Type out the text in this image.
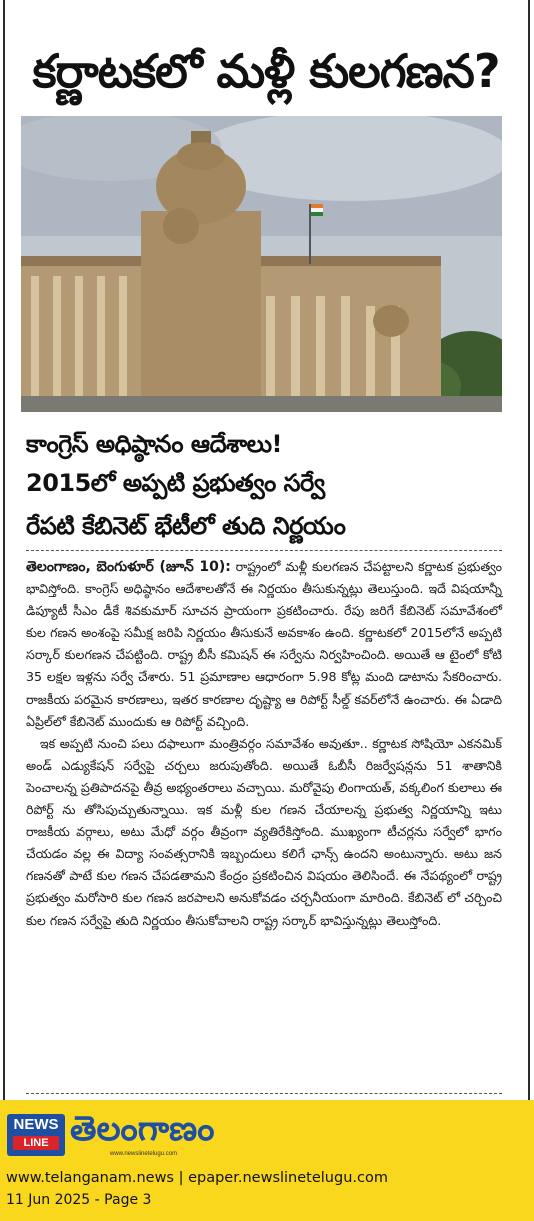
కర్ణాటకలో మళ్లీ కులగణన?
కాంగ్రెస్ అధిష్ఠానం ఆదేశాలు!
2015లో అప్పటి ప్రభుత్వం సర్వే
రేపటి కేబినెట్ భేటీలో తుది నిర్ణయం

తెలంగాణం, బెంగుళూర్ (జూన్ 10): రాష్ట్రంలో మళ్లీ కులగణన చేపట్టాలని కర్ణాటక ప్రభుత్వం భావిస్తోంది. కాంగ్రెస్ అధిష్ఠానం ఆదేశాలతోనే ఈ నిర్ణయం తీసుకున్నట్లు తెలుస్తుంది. ఇదే విషయాన్నీ డిప్యూటీ సీఎం డీకే శివకుమార్ సూచన ప్రాయంగా ప్రకటించారు. రేపు జరిగే కేబినెట్ సమావేశంలో కుల గణన అంశంపై సమీక్ష జరిపి నిర్ణయం తీసుకునే అవకాశం ఉంది. కర్ణాటకలో 2015లోనే అప్పటి సర్కార్ కులగణన చేపట్టింది. రాష్ట్ర బీసీ కమిషన్ ఈ సర్వేను నిర్వహించింది. అయితే ఆ టైంలో కోటి 35 లక్షల ఇళ్లను సర్వే చేశారు. 51 ప్రమాణాల ఆధారంగా 5.98 కోట్ల మంది డాటాను సేకరించారు. రాజకీయ పరమైన కారణాలు, ఇతర కారణాల దృష్ట్యా ఆ రిపోర్ట్ సీల్డ్ కవర్‌లోనే ఉంచారు. ఈ ఏడాది ఏప్రిల్‌లో కేబినెట్ ముందుకు ఆ రిపోర్ట్ వచ్చింది.

ఇక అప్పటి నుంచి పలు దఫాలుగా మంత్రివర్గం సమావేశం అవుతూ.. కర్ణాటక సోషియో ఎకనమిక్ అండ్ ఎడ్యుకేషన్ సర్వేపై చర్చలు జరుపుతోంది. అయితే ఓబీసీ రిజర్వేషన్లను 51 శాతానికి పెంచాలన్న ప్రతిపాదనపై తీవ్ర అభ్యంతరాలు వచ్చాయి. మరోవైపు లింగాయత్, వక్కలింగ కులాలు ఈ రిపోర్ట్ ను తోసిపుచ్చుతున్నాయి. ఇక మళ్లీ కుల గణన చేయాలన్న ప్రభుత్వ నిర్ణయాన్ని ఇటు రాజకీయ వర్గాలు, అటు మేధో వర్గం తీవ్రంగా వ్యతిరేకిస్తోంది. ముఖ్యంగా టీచర్లను సర్వేలో భాగం చేయడం వల్ల ఈ విద్యా సంవత్సరానికి ఇబ్బందులు కలిగే ఛాన్స్ ఉందని అంటున్నారు. అటు జన గణనతో పాటే కుల గణన చేపడతామని కేంద్రం ప్రకటించిన విషయం తెలిసిందే. ఈ నేపథ్యంలో రాష్ట్ర ప్రభుత్వం మరోసారి కుల గణన జరపాలని అనుకోవడం చర్చనీయంగా మారింది. కేబినెట్ లో చర్చించి కుల గణన సర్వేపై తుది నిర్ణయం తీసుకోవాలని రాష్ట్ర సర్కార్ భావిస్తున్నట్లు తెలుస్తోంది.

NEWS
LINE తెలంగాణం
www.newslinetelugu.com
www.telanganam.news | epaper.newslinetelugu.com
11 Jun 2025 - Page 3
